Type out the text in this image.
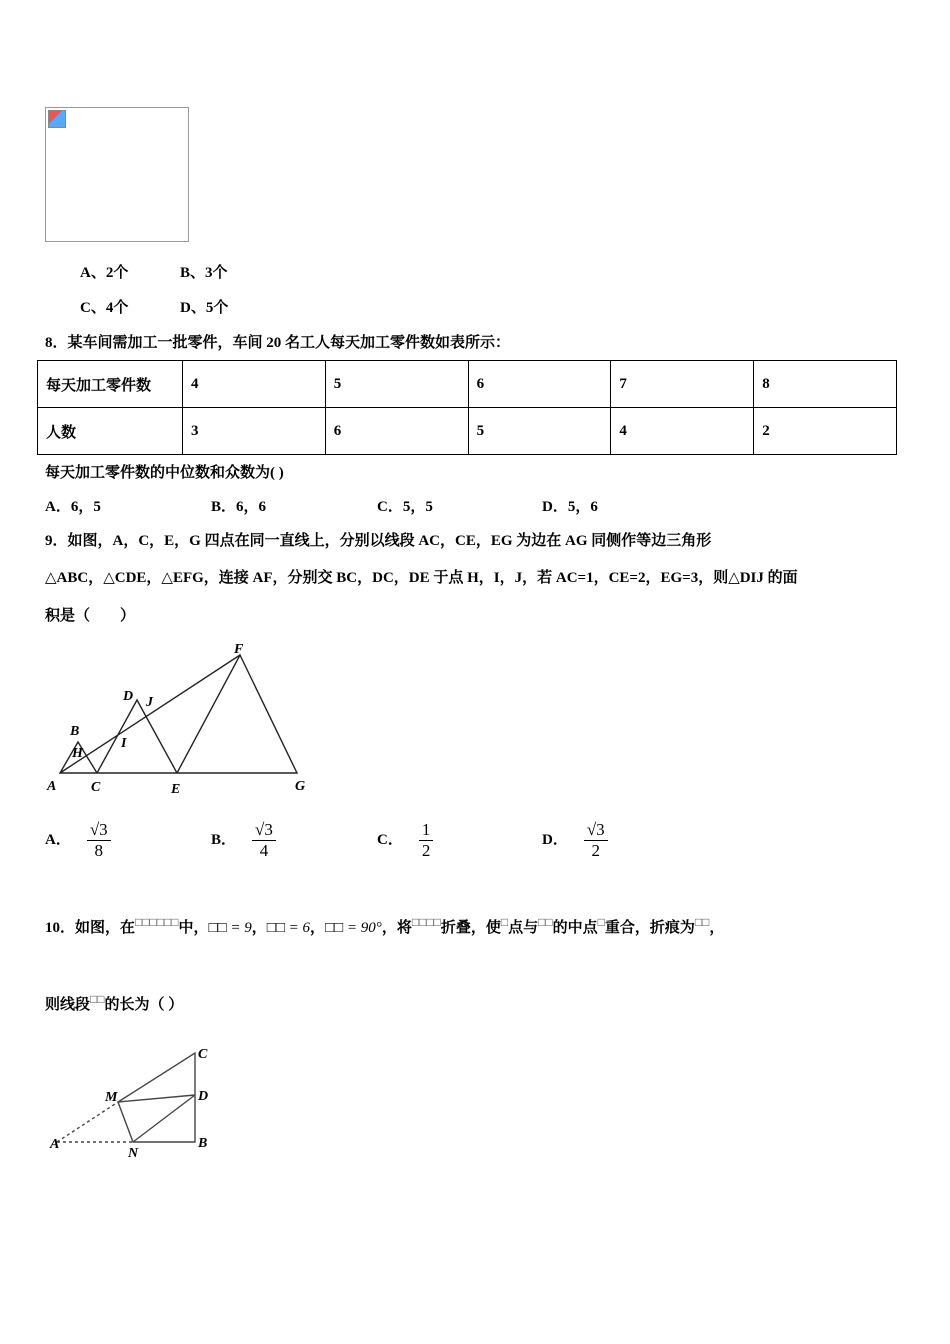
A、2个	B、3个
C、4个	D、5个
8．某车间需加工一批零件，车间 20 名工人每天加工零件数如表所示：
每天加工零件数	4	5	6	7	8
人数	3	6	5	4	2
每天加工零件数的中位数和众数为( )
A．6，5	B．6，6	C．5，5	D．5，6
9．如图，A，C，E，G 四点在同一直线上，分别以线段 AC，CE，EG 为边在 AG 同侧作等边三角形
△ABC，△CDE，△EFG，连接 AF，分别交 BC，DC，DE 于点 H，I，J，若 AC=1，CE=2，EG=3，则△DIJ 的面
积是（　　）
A
B
H
C
D
I
J
E
F
G
A． $\frac{√3}{8}$	B． $\frac{√3}{4}$	C． $\frac{1}{2}$	D． $\frac{√3}{2}$
10．如图，在□□□□□□中，□□ = 9，□□ = 6，□□ = 90°，将□□□□折叠，使□点与□□的中点□重合，折痕为□□，
则线段□□的长为（ ）
C
D
B
M
N
A
